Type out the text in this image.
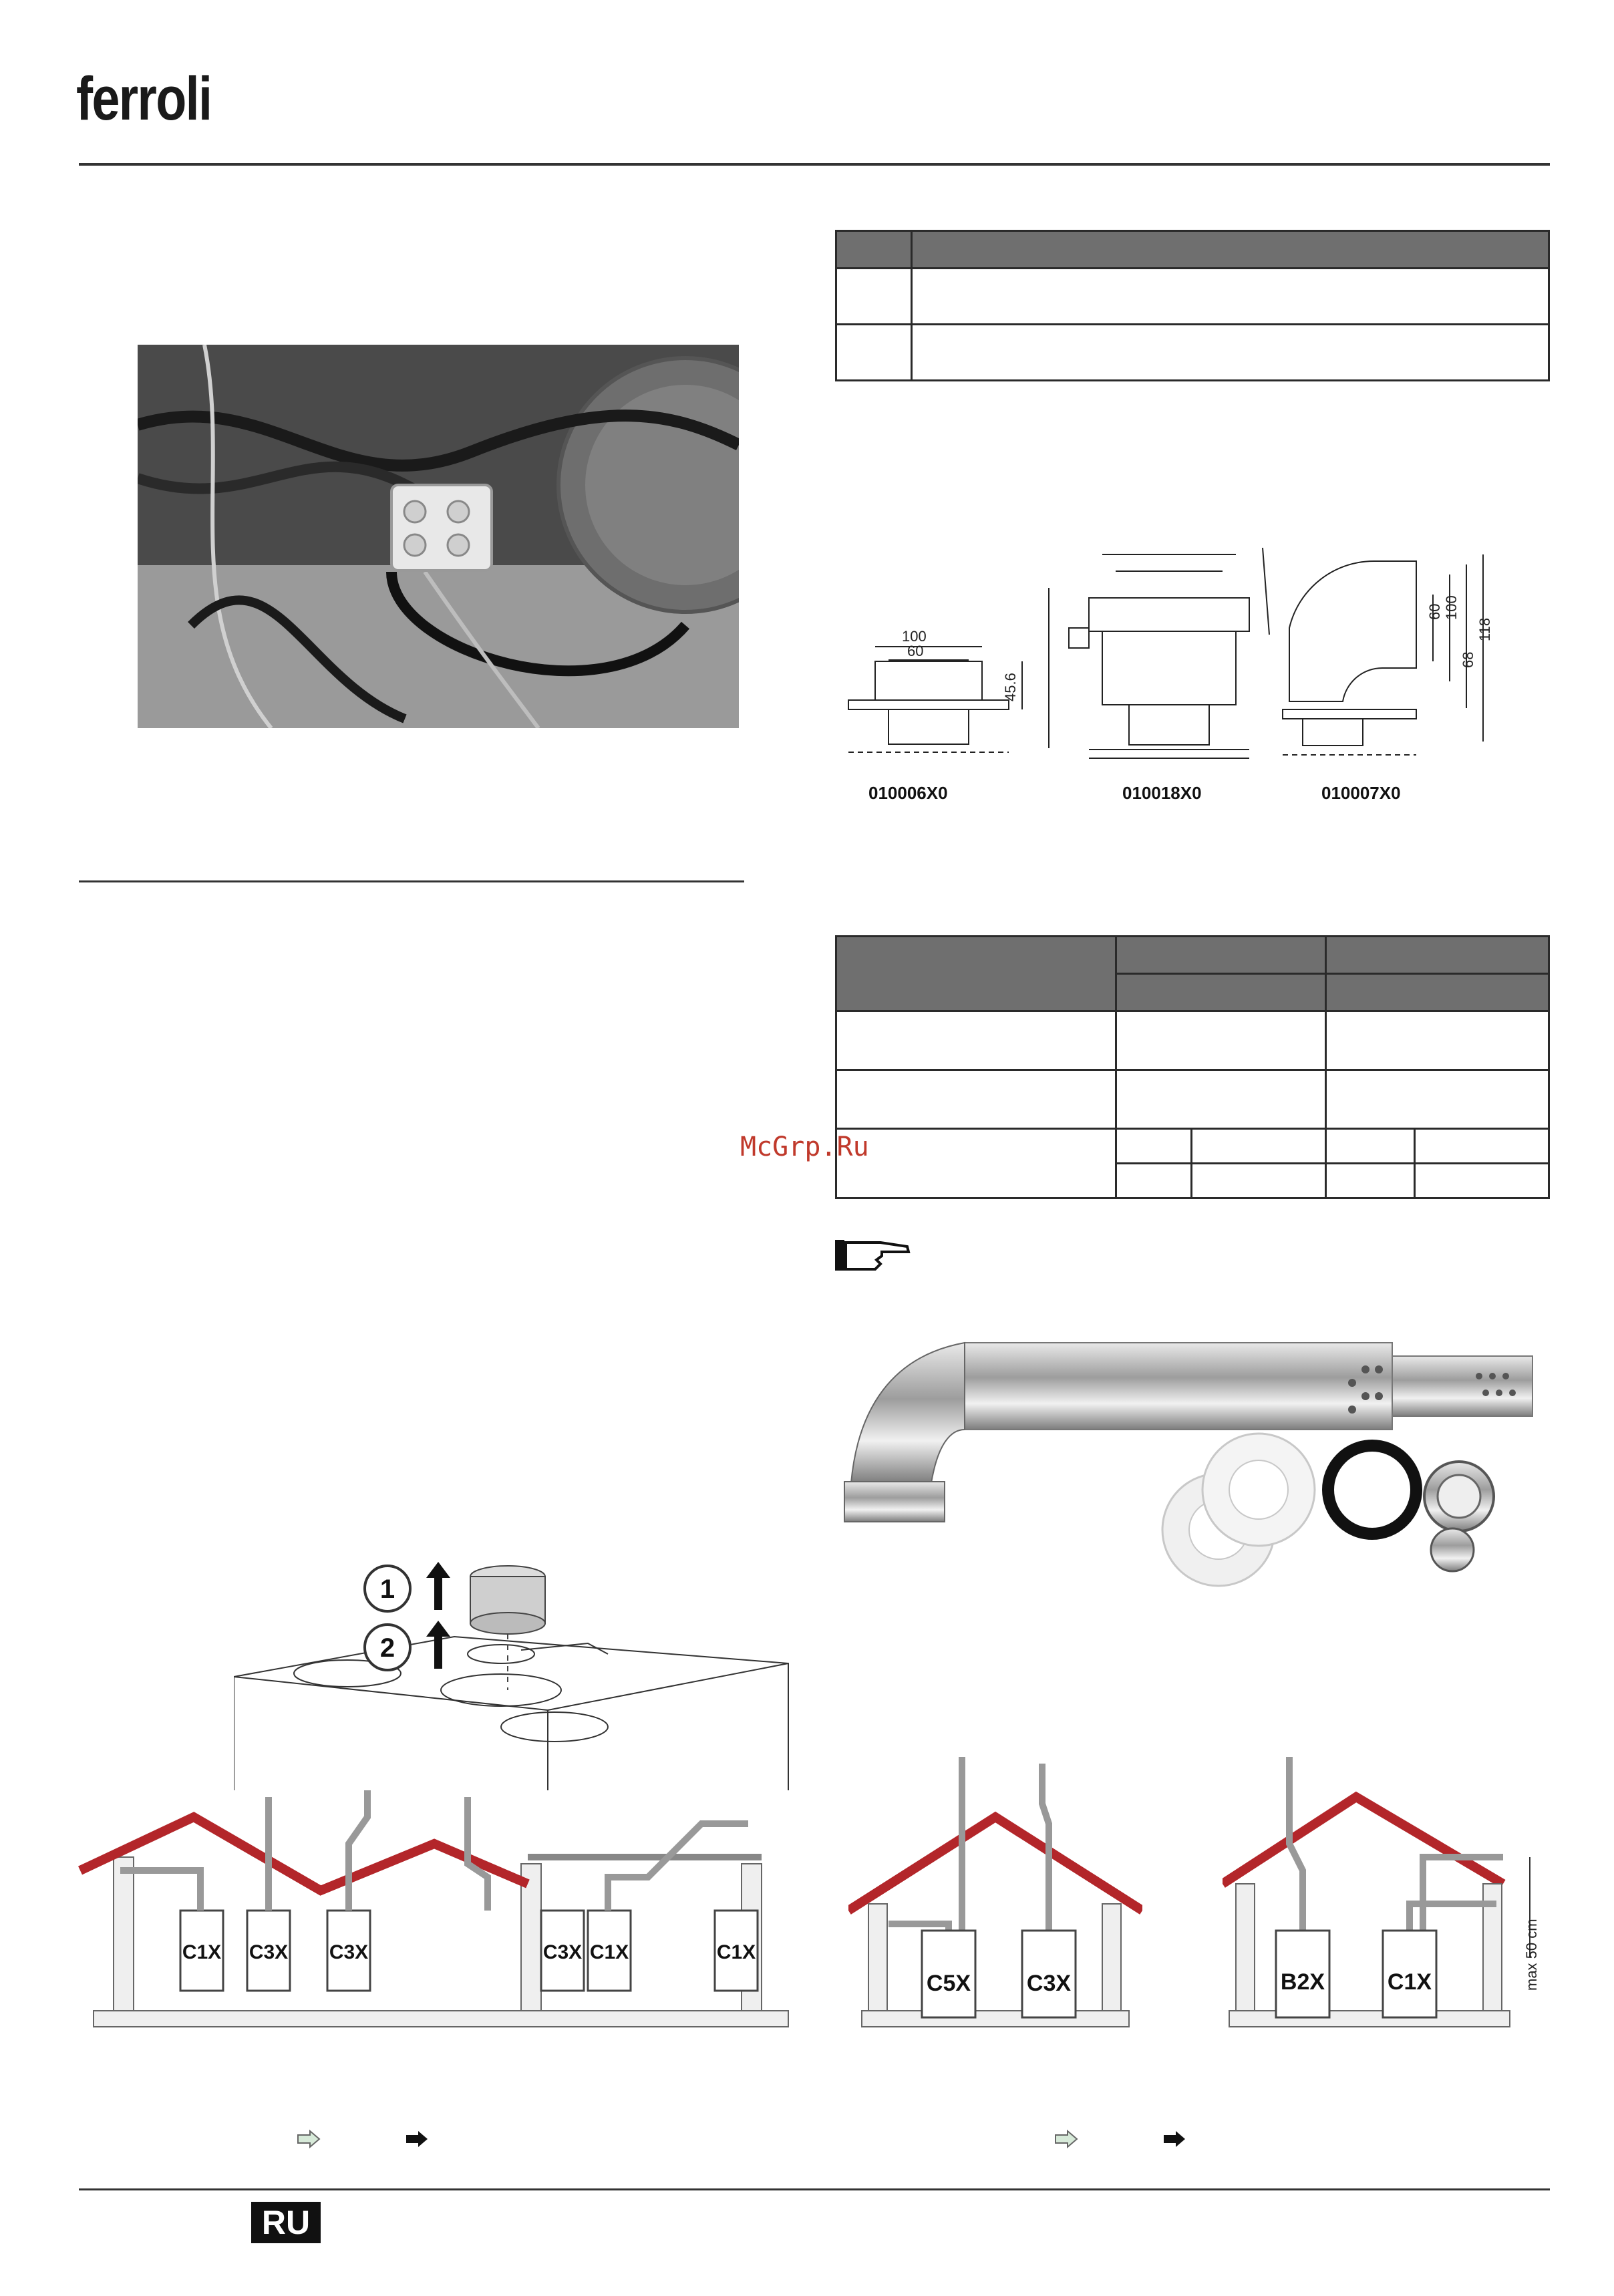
ferroli

100
60
45.6
60 100
68
118
010006X0	010018X0	010007X0

McGrp.Ru
1
2
C1X C3X C3X	C3X C1X	C1X
C5X C3X	B2X	C1X	max 50 cm
RU
